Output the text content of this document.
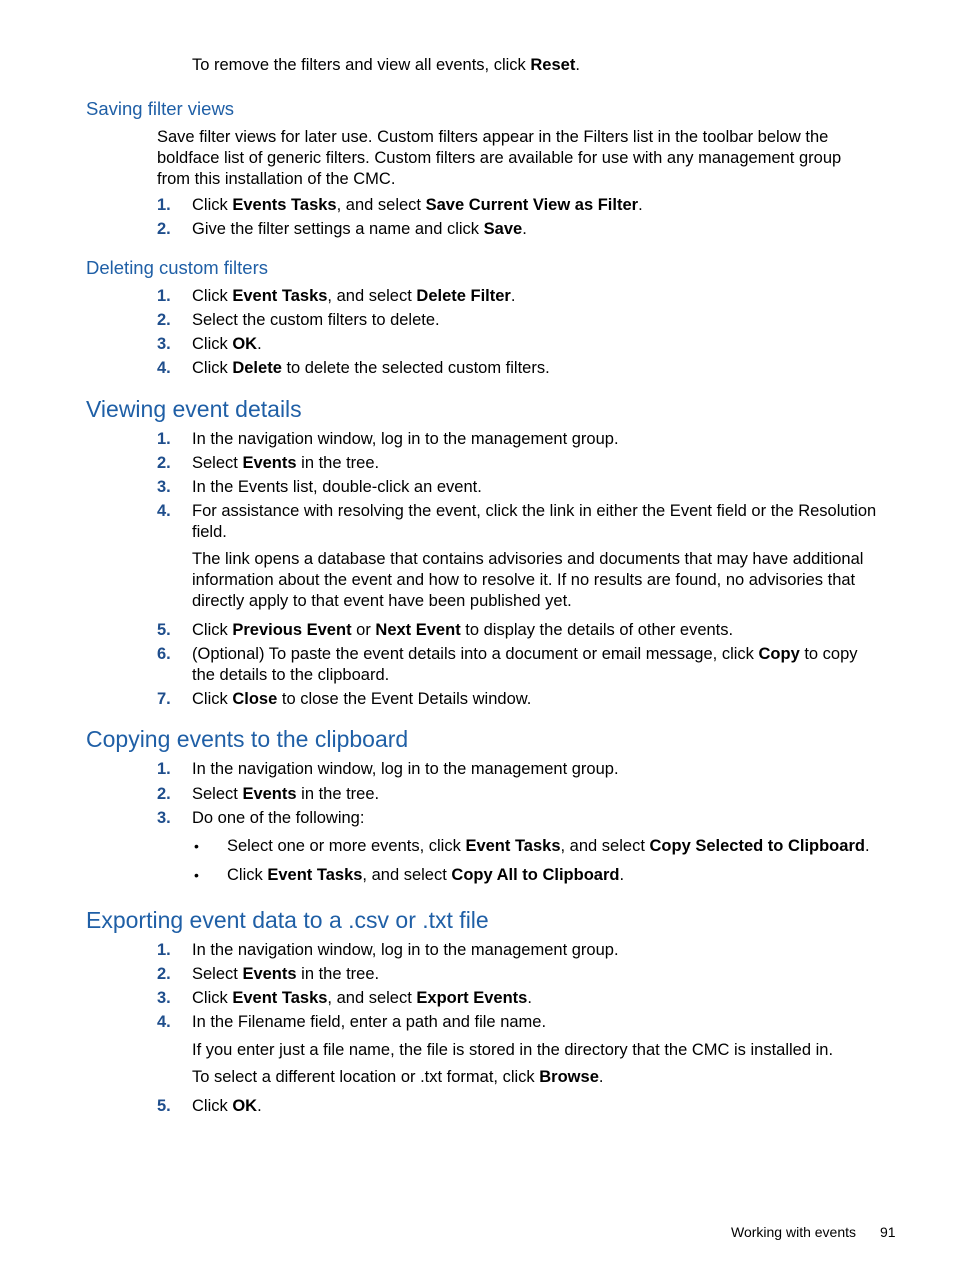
To remove the filters and view all events, click Reset.
Saving filter views
Save filter views for later use. Custom filters appear in the Filters list in the toolbar below the
boldface list of generic filters. Custom filters are available for use with any management group
from this installation of the CMC.
1. Click Events Tasks, and select Save Current View as Filter.
2. Give the filter settings a name and click Save.
Deleting custom filters
1. Click Event Tasks, and select Delete Filter.
2. Select the custom filters to delete.
3. Click OK.
4. Click Delete to delete the selected custom filters.
Viewing event details
1. In the navigation window, log in to the management group.
2. Select Events in the tree.
3. In the Events list, double-click an event.
4. For assistance with resolving the event, click the link in either the Event field or the Resolution
field.
The link opens a database that contains advisories and documents that may have additional
information about the event and how to resolve it. If no results are found, no advisories that
directly apply to that event have been published yet.
5. Click Previous Event or Next Event to display the details of other events.
6. (Optional) To paste the event details into a document or email message, click Copy to copy
the details to the clipboard.
7. Click Close to close the Event Details window.
Copying events to the clipboard
1. In the navigation window, log in to the management group.
2. Select Events in the tree.
3. Do one of the following:
• Select one or more events, click Event Tasks, and select Copy Selected to Clipboard.
• Click Event Tasks, and select Copy All to Clipboard.
Exporting event data to a .csv or .txt file
1. In the navigation window, log in to the management group.
2. Select Events in the tree.
3. Click Event Tasks, and select Export Events.
4. In the Filename field, enter a path and file name.
If you enter just a file name, the file is stored in the directory that the CMC is installed in.
To select a different location or .txt format, click Browse.
5. Click OK.
Working with events 91
